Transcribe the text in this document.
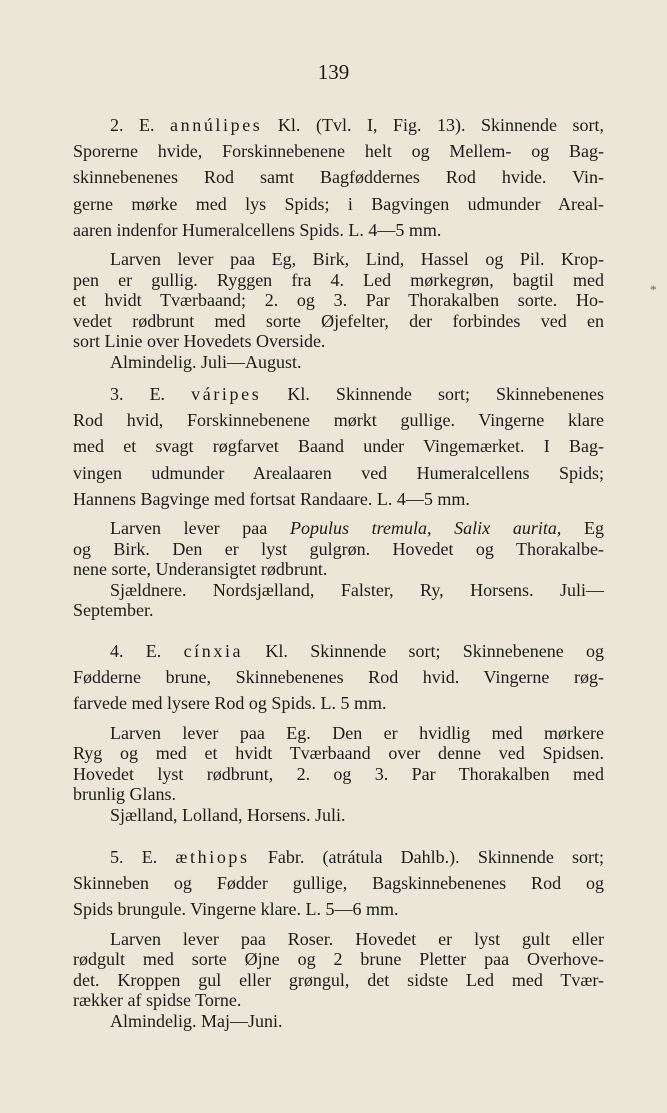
139
2. E. annúlipes Kl. (Tvl. I, Fig. 13). Skinnende sort,
Sporerne hvide, Forskinnebenene helt og Mellem- og Bag-
skinnebenenes Rod samt Bagføddernes Rod hvide. Vin-
gerne mørke med lys Spids; i Bagvingen udmunder Areal-
aaren indenfor Humeralcellens Spids. L. 4—5 mm.
Larven lever paa Eg, Birk, Lind, Hassel og Pil. Krop-
pen er gullig. Ryggen fra 4. Led mørkegrøn, bagtil med
et hvidt Tværbaand; 2. og 3. Par Thorakalben sorte. Ho-
vedet rødbrunt med sorte Øjefelter, der forbindes ved en
sort Linie over Hovedets Overside.
Almindelig. Juli—August.
3. E. váripes Kl. Skinnende sort; Skinnebenenes
Rod hvid, Forskinnebenene mørkt gullige. Vingerne klare
med et svagt røgfarvet Baand under Vingemærket. I Bag-
vingen udmunder Arealaaren ved Humeralcellens Spids;
Hannens Bagvinge med fortsat Randaare. L. 4—5 mm.
Larven lever paa Populus tremula, Salix aurita, Eg
og Birk. Den er lyst gulgrøn. Hovedet og Thorakalbe-
nene sorte, Underansigtet rødbrunt.
Sjældnere. Nordsjælland, Falster, Ry, Horsens. Juli—
September.
4. E. cínxia Kl. Skinnende sort; Skinnebenene og
Fødderne brune, Skinnebenenes Rod hvid. Vingerne røg-
farvede med lysere Rod og Spids. L. 5 mm.
Larven lever paa Eg. Den er hvidlig med mørkere
Ryg og med et hvidt Tværbaand over denne ved Spidsen.
Hovedet lyst rødbrunt, 2. og 3. Par Thorakalben med
brunlig Glans.
Sjælland, Lolland, Horsens. Juli.
5. E. æthiops Fabr. (atrátula Dahlb.). Skinnende sort;
Skinneben og Fødder gullige, Bagskinnebenenes Rod og
Spids brungule. Vingerne klare. L. 5—6 mm.
Larven lever paa Roser. Hovedet er lyst gult eller
rødgult med sorte Øjne og 2 brune Pletter paa Overhove-
det. Kroppen gul eller grøngul, det sidste Led med Tvær-
rækker af spidse Torne.
Almindelig. Maj—Juni.
*
